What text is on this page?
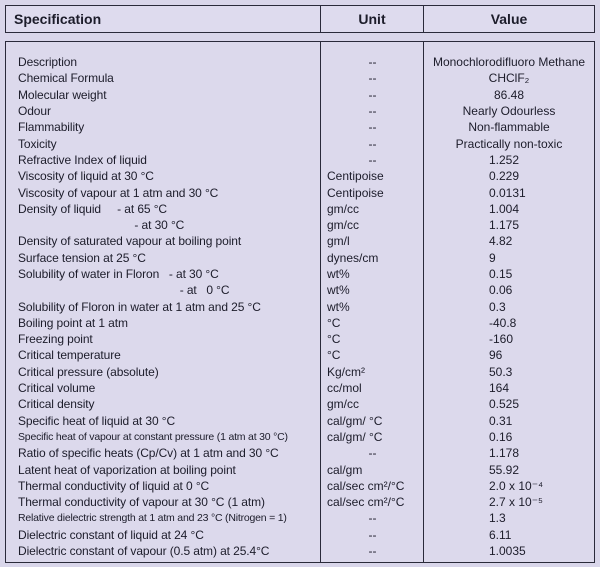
Specification	Unit	Value
Description	--	Monochlorodifluoro Methane
Chemical Formula	--	CHClF₂
Molecular weight	--	86.48
Odour	--	Nearly Odourless
Flammability	--	Non-flammable
Toxicity	--	Practically non-toxic
Refractive Index of liquid	--	1.252
Viscosity of liquid at 30 °C	Centipoise	0.229
Viscosity of vapour at 1 atm and 30 °C	Centipoise	0.0131
Density of liquid     - at 65 °C	gm/cc	1.004
- at 30 °C	gm/cc	1.175
Density of saturated vapour at boiling point	gm/l	4.82
Surface tension at 25 °C	dynes/cm	9
Solubility of water in Floron   - at 30 °C	wt%	0.15
- at   0 °C	wt%	0.06
Solubility of Floron in water at 1 atm and 25 °C	wt%	0.3
Boiling point at 1 atm	°C	-40.8
Freezing point	°C	-160
Critical temperature	°C	96
Critical pressure (absolute)	Kg/cm²	50.3
Critical volume	cc/mol	164
Critical density	gm/cc	0.525
Specific heat of liquid at 30 °C	cal/gm/ °C	0.31
Specific heat of vapour at constant pressure (1 atm at 30 °C)	cal/gm/ °C	0.16
Ratio of specific heats (Cp/Cv) at 1 atm and 30 °C	--	1.178
Latent heat of vaporization at boiling point	cal/gm	55.92
Thermal conductivity of liquid at 0 °C	cal/sec cm²/°C	2.0 x 10⁻⁴
Thermal conductivity of vapour at 30 °C (1 atm)	cal/sec cm²/°C	2.7 x 10⁻⁵
Relative dielectric strength at 1 atm and 23 °C (Nitrogen = 1)	--	1.3
Dielectric constant of liquid at 24 °C	--	6.11
Dielectric constant of vapour (0.5 atm) at 25.4°C	--	1.0035
